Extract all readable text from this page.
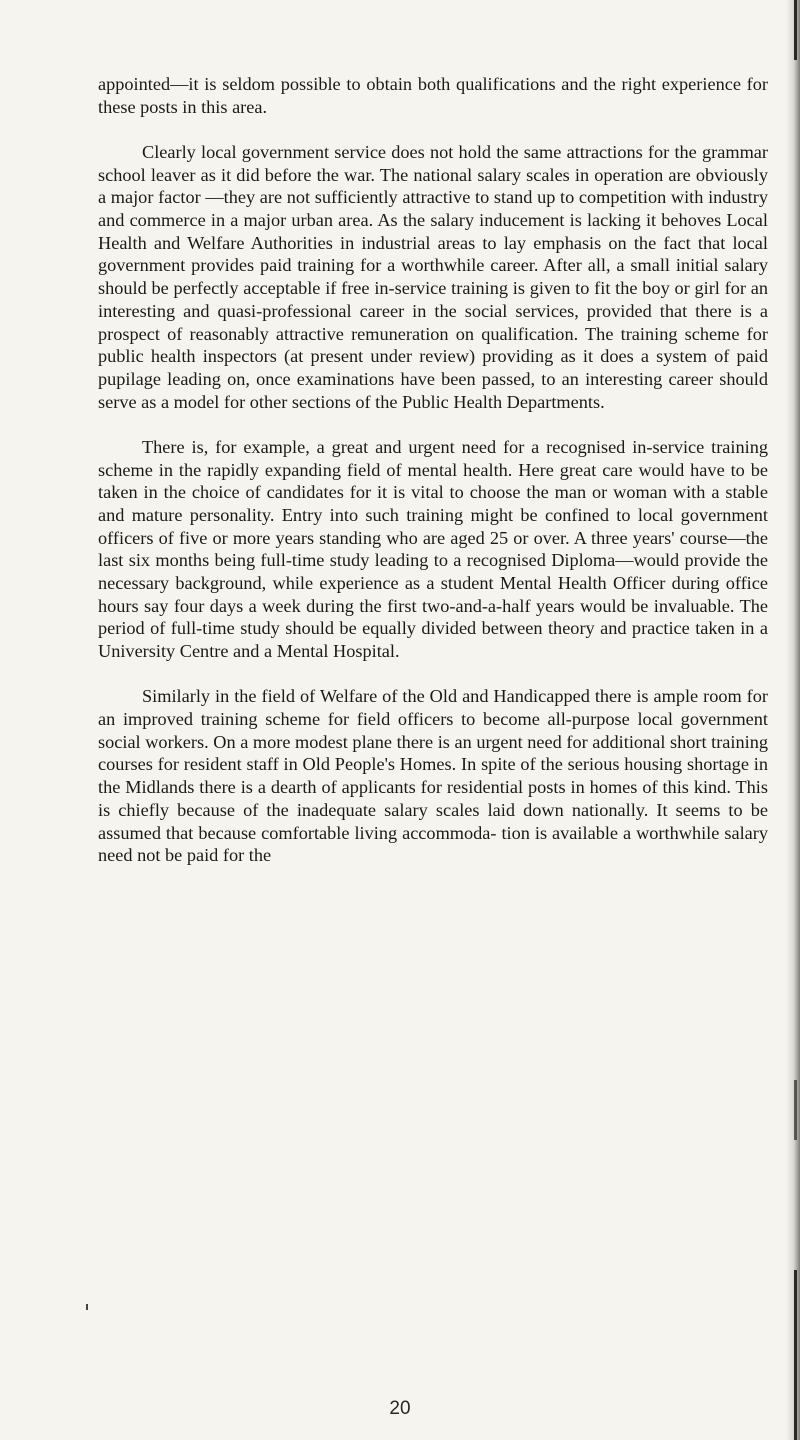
appointed—it is seldom possible to obtain both qualifications and the right experience for these posts in this area.

Clearly local government service does not hold the same attractions for the grammar school leaver as it did before the war. The national salary scales in operation are obviously a major factor —they are not sufficiently attractive to stand up to competition with industry and commerce in a major urban area. As the salary inducement is lacking it behoves Local Health and Welfare Authorities in industrial areas to lay emphasis on the fact that local government provides paid training for a worthwhile career. After all, a small initial salary should be perfectly acceptable if free in-service training is given to fit the boy or girl for an interesting and quasi-professional career in the social services, provided that there is a prospect of reasonably attractive remuneration on qualification. The training scheme for public health inspectors (at present under review) providing as it does a system of paid pupilage leading on, once examinations have been passed, to an interesting career should serve as a model for other sections of the Public Health Departments.

There is, for example, a great and urgent need for a recognised in-service training scheme in the rapidly expanding field of mental health. Here great care would have to be taken in the choice of candidates for it is vital to choose the man or woman with a stable and mature personality. Entry into such training might be confined to local government officers of five or more years standing who are aged 25 or over. A three years' course—the last six months being full-time study leading to a recognised Diploma—would provide the necessary background, while experience as a student Mental Health Officer during office hours say four days a week during the first two-and-a-half years would be invaluable. The period of full-time study should be equally divided between theory and practice taken in a University Centre and a Mental Hospital.

Similarly in the field of Welfare of the Old and Handicapped there is ample room for an improved training scheme for field officers to become all-purpose local government social workers. On a more modest plane there is an urgent need for additional short training courses for resident staff in Old People's Homes. In spite of the serious housing shortage in the Midlands there is a dearth of applicants for residential posts in homes of this kind. This is chiefly because of the inadequate salary scales laid down nationally. It seems to be assumed that because comfortable living accommoda- tion is available a worthwhile salary need not be paid for the

20
